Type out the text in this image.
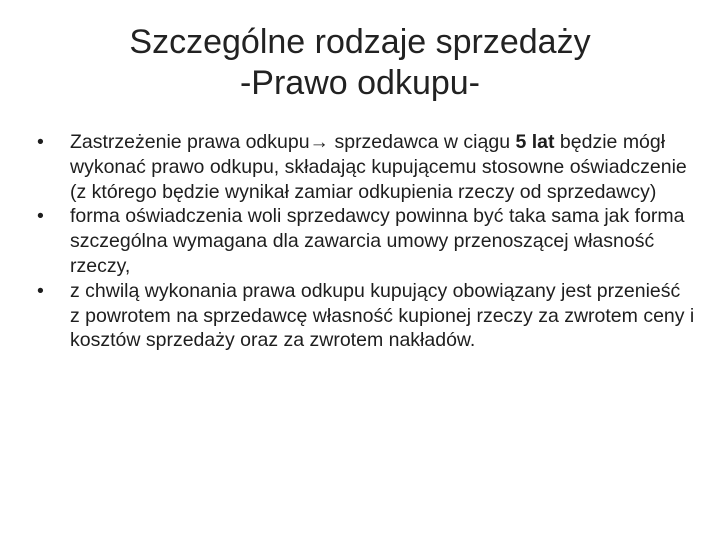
Szczególne rodzaje sprzedaży
-Prawo odkupu-
• Zastrzeżenie prawa odkupu→ sprzedawca w ciągu 5 lat będzie mógł wykonać prawo odkupu, składając kupującemu stosowne oświadczenie (z którego będzie wynikał zamiar odkupienia rzeczy od sprzedawcy)
• forma oświadczenia woli sprzedawcy powinna być taka sama jak forma szczególna wymagana dla zawarcia umowy przenoszącej własność rzeczy,
• z chwilą wykonania prawa odkupu kupujący obowiązany jest przenieść z powrotem na sprzedawcę własność kupionej rzeczy za zwrotem ceny i kosztów sprzedaży oraz za zwrotem nakładów.
